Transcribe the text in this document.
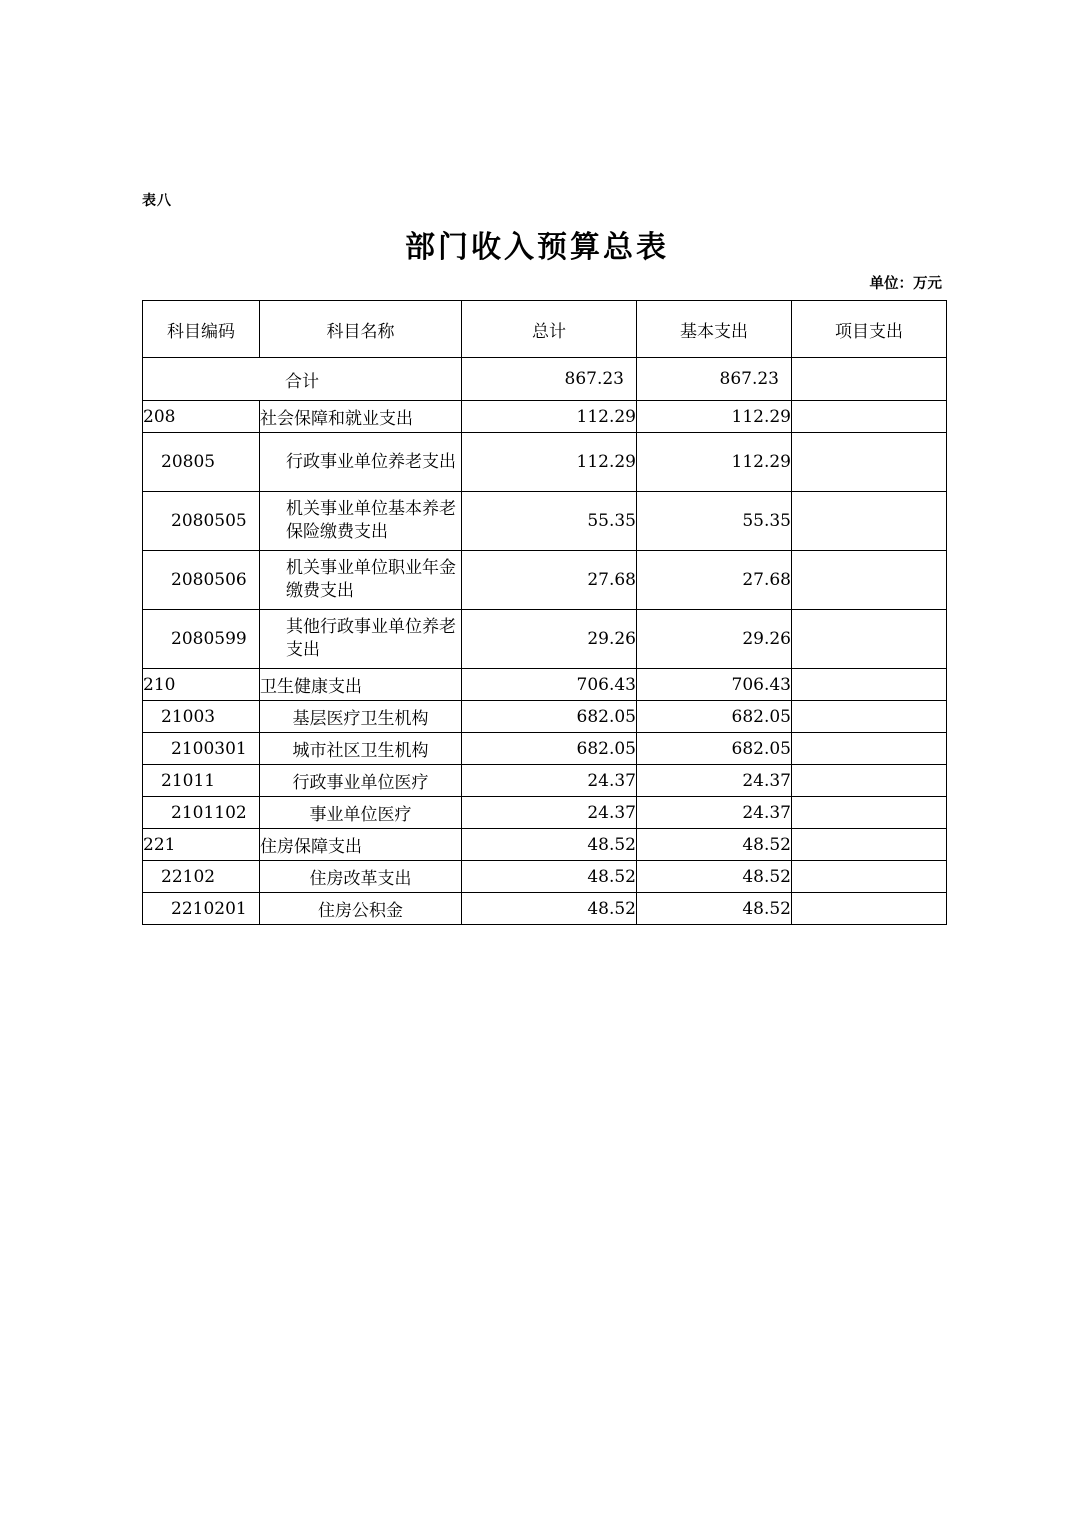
表八
部门收入预算总表
单位：万元
科目编码	科目名称	总计	基本支出	项目支出
合计		867.23	867.23	
208	社会保障和就业支出	112.29	112.29	
20805	行政事业单位养老支出	112.29	112.29	
2080505	机关事业单位基本养老保险缴费支出	55.35	55.35	
2080506	机关事业单位职业年金缴费支出	27.68	27.68	
2080599	其他行政事业单位养老支出	29.26	29.26	
210	卫生健康支出	706.43	706.43	
21003	基层医疗卫生机构	682.05	682.05	
2100301	城市社区卫生机构	682.05	682.05	
21011	行政事业单位医疗	24.37	24.37	
2101102	事业单位医疗	24.37	24.37	
221	住房保障支出	48.52	48.52	
22102	住房改革支出	48.52	48.52	
2210201	住房公积金	48.52	48.52	
